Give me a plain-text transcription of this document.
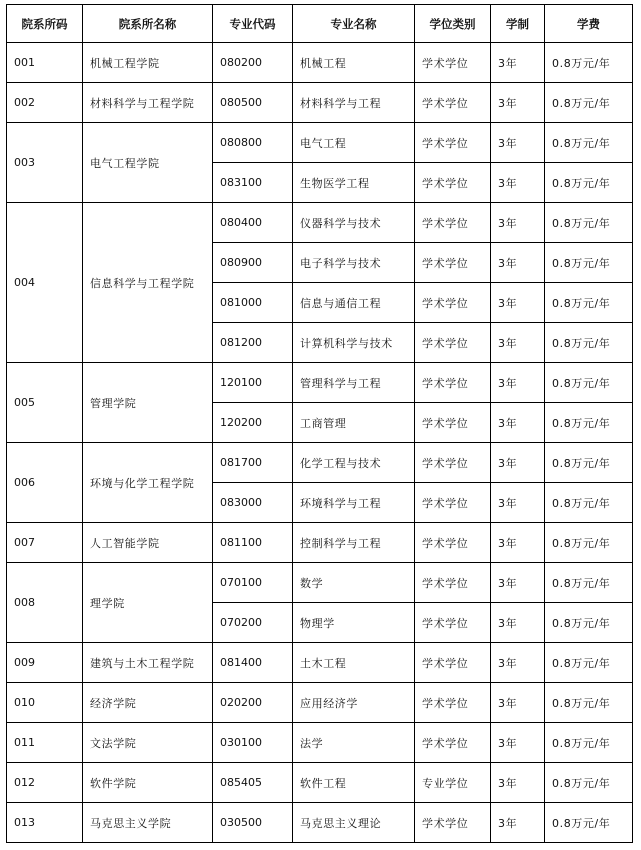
院系所码	院系所名称	专业代码	专业名称	学位类别	学制	学费
001	机械工程学院	080200	机械工程	学术学位	3年	0.8万元/年
002	材料科学与工程学院	080500	材料科学与工程	学术学位	3年	0.8万元/年
003	电气工程学院	080800	电气工程	学术学位	3年	0.8万元/年
		083100	生物医学工程	学术学位	3年	0.8万元/年
004	信息科学与工程学院	080400	仪器科学与技术	学术学位	3年	0.8万元/年
		080900	电子科学与技术	学术学位	3年	0.8万元/年
		081000	信息与通信工程	学术学位	3年	0.8万元/年
		081200	计算机科学与技术	学术学位	3年	0.8万元/年
005	管理学院	120100	管理科学与工程	学术学位	3年	0.8万元/年
		120200	工商管理	学术学位	3年	0.8万元/年
006	环境与化学工程学院	081700	化学工程与技术	学术学位	3年	0.8万元/年
		083000	环境科学与工程	学术学位	3年	0.8万元/年
007	人工智能学院	081100	控制科学与工程	学术学位	3年	0.8万元/年
008	理学院	070100	数学	学术学位	3年	0.8万元/年
		070200	物理学	学术学位	3年	0.8万元/年
009	建筑与土木工程学院	081400	土木工程	学术学位	3年	0.8万元/年
010	经济学院	020200	应用经济学	学术学位	3年	0.8万元/年
011	文法学院	030100	法学	学术学位	3年	0.8万元/年
012	软件学院	085405	软件工程	专业学位	3年	0.8万元/年
013	马克思主义学院	030500	马克思主义理论	学术学位	3年	0.8万元/年
